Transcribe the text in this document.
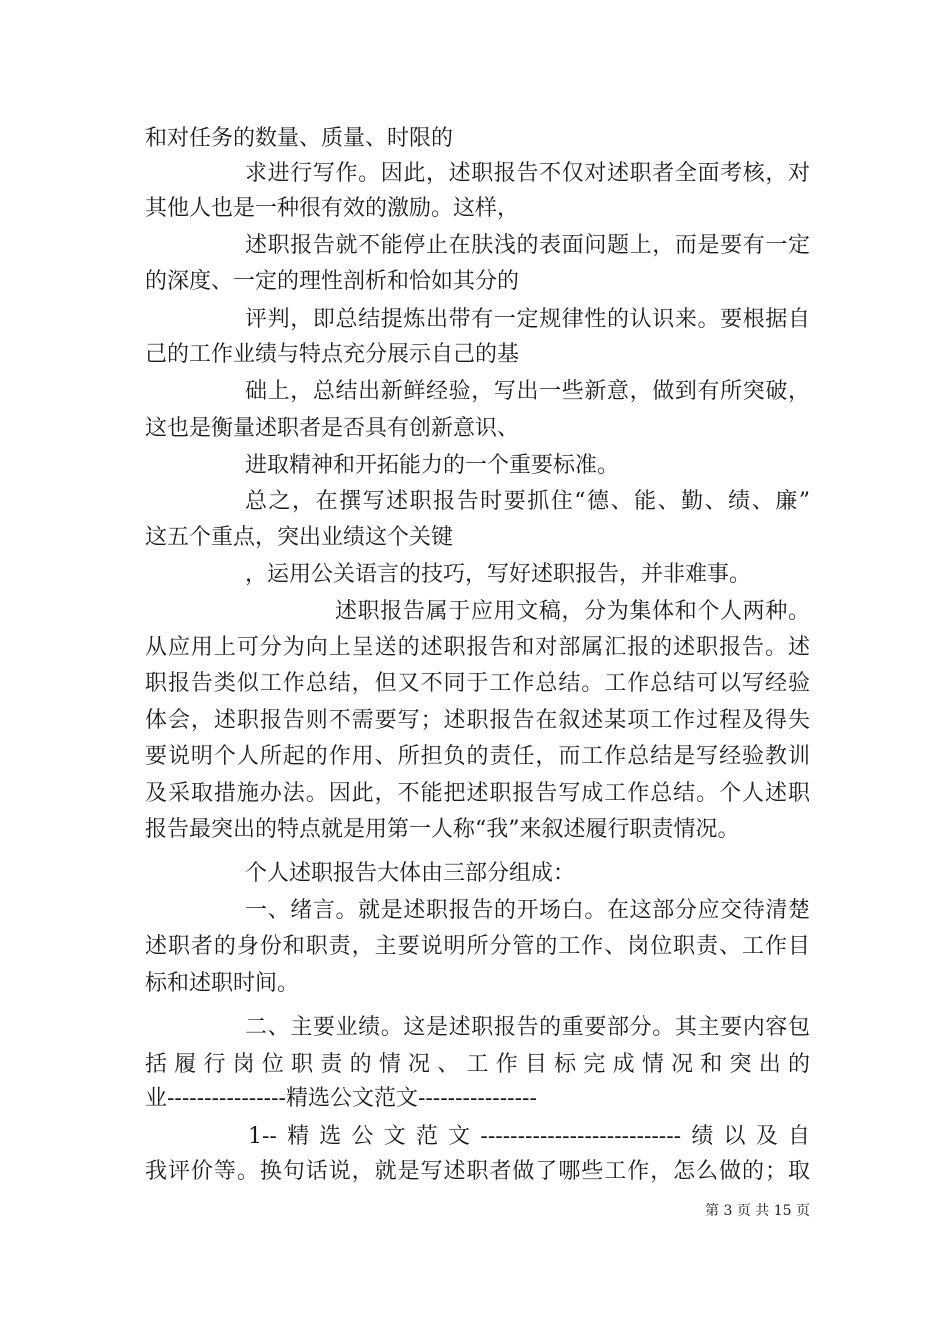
和对任务的数量、质量、时限的
求进行写作。因此，述职报告不仅对述职者全面考核，对
其他人也是一种很有效的激励。这样，
述职报告就不能停止在肤浅的表面问题上，而是要有一定
的深度、一定的理性剖析和恰如其分的
评判，即总结提炼出带有一定规律性的认识来。要根据自
己的工作业绩与特点充分展示自己的基
础上，总结出新鲜经验，写出一些新意，做到有所突破，
这也是衡量述职者是否具有创新意识、
进取精神和开拓能力的一个重要标准。
总之，在撰写述职报告时要抓住“德、能、勤、绩、廉”
这五个重点，突出业绩这个关键
，运用公关语言的技巧，写好述职报告，并非难事。
述职报告属于应用文稿，分为集体和个人两种。
从应用上可分为向上呈送的述职报告和对部属汇报的述职报告。述
职报告类似工作总结，但又不同于工作总结。工作总结可以写经验
体会，述职报告则不需要写；述职报告在叙述某项工作过程及得失
要说明个人所起的作用、所担负的责任，而工作总结是写经验教训
及采取措施办法。因此，不能把述职报告写成工作总结。个人述职
报告最突出的特点就是用第一人称“我”来叙述履行职责情况。
个人述职报告大体由三部分组成：
一、绪言。就是述职报告的开场白。在这部分应交待清楚
述职者的身份和职责，主要说明所分管的工作、岗位职责、工作目
标和述职时间。
二、主要业绩。这是述职报告的重要部分。其主要内容包
括履行岗位职责的情况、工作目标完成情况和突出的
业----------------精选公文范文----------------
1--精选公文范文---------------------------绩以及自
我评价等。换句话说，就是写述职者做了哪些工作，怎么做的；取
第 3 页 共 15 页
